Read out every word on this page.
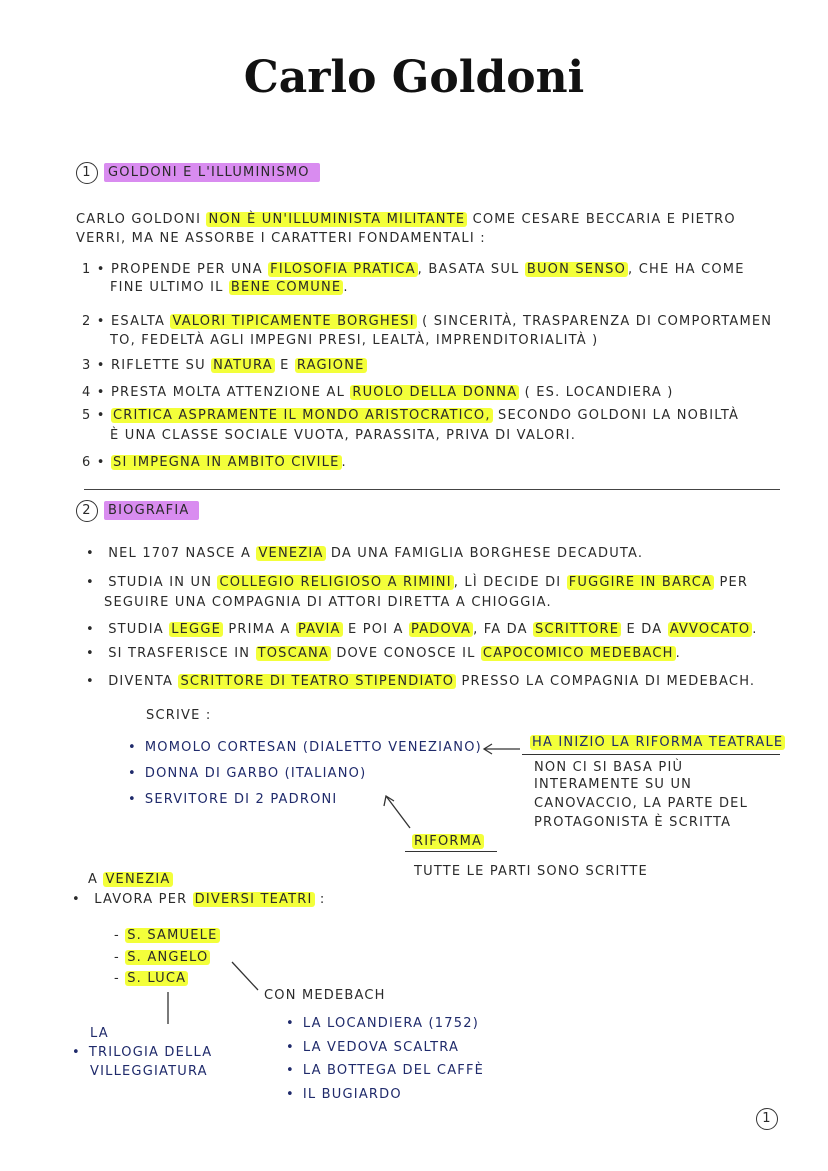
Carlo Goldoni
1 GOLDONI E L'ILLUMINISMO
CARLO GOLDONI NON È UN'ILLUMINISTA MILITANTE COME CESARE BECCARIA E PIETRO
VERRI, MA NE ASSORBE I CARATTERI FONDAMENTALI :
1 • PROPENDE PER UNA FILOSOFIA PRATICA , BASATA SUL BUON SENSO , CHE HA COME
FINE ULTIMO IL BENE COMUNE .
2 • ESALTA VALORI TIPICAMENTE BORGHESI ( SINCERITÀ, TRASPARENZA DI COMPORTAMEN
TO, FEDELTÀ AGLI IMPEGNI PRESI, LEALTÀ, IMPRENDITORIALITÀ )
3 • RIFLETTE SU NATURA E RAGIONE
4 • PRESTA MOLTA ATTENZIONE AL RUOLO DELLA DONNA ( ES. LOCANDIERA )
5 • CRITICA ASPRAMENTE IL MONDO ARISTOCRATICO, SECONDO GOLDONI LA NOBILTÀ
È UNA CLASSE SOCIALE VUOTA, PARASSITA, PRIVA DI VALORI.
6 • SI IMPEGNA IN AMBITO CIVILE .
2 BIOGRAFIA
• NEL 1707 NASCE A VENEZIA DA UNA FAMIGLIA BORGHESE DECADUTA.
• STUDIA IN UN COLLEGIO RELIGIOSO A RIMINI , LÌ DECIDE DI FUGGIRE IN BARCA PER
SEGUIRE UNA COMPAGNIA DI ATTORI DIRETTA A CHIOGGIA.
• STUDIA LEGGE PRIMA A PAVIA E POI A PADOVA , FA DA SCRITTORE E DA AVVOCATO .
• SI TRASFERISCE IN TOSCANA DOVE CONOSCE IL CAPOCOMICO MEDEBACH .
• DIVENTA SCRITTORE DI TEATRO STIPENDIATO PRESSO LA COMPAGNIA DI MEDEBACH.
SCRIVE :
• MOMOLO CORTESAN (DIALETTO VENEZIANO)
• DONNA DI GARBO (ITALIANO)
• SERVITORE DI 2 PADRONI
HA INIZIO LA RIFORMA TEATRALE
NON CI SI BASA PIÙ
INTERAMENTE SU UN
CANOVACCIO, LA PARTE DEL
PROTAGONISTA È SCRITTA
RIFORMA
TUTTE LE PARTI SONO SCRITTE
A VENEZIA
• LAVORA PER DIVERSI TEATRI :
- S. SAMUELE
- S. ANGELO
- S. LUCA
CON MEDEBACH
LA
• TRILOGIA DELLA
VILLEGGIATURA
• LA LOCANDIERA (1752)
• LA VEDOVA SCALTRA
• LA BOTTEGA DEL CAFFÈ
• IL BUGIARDO
1
